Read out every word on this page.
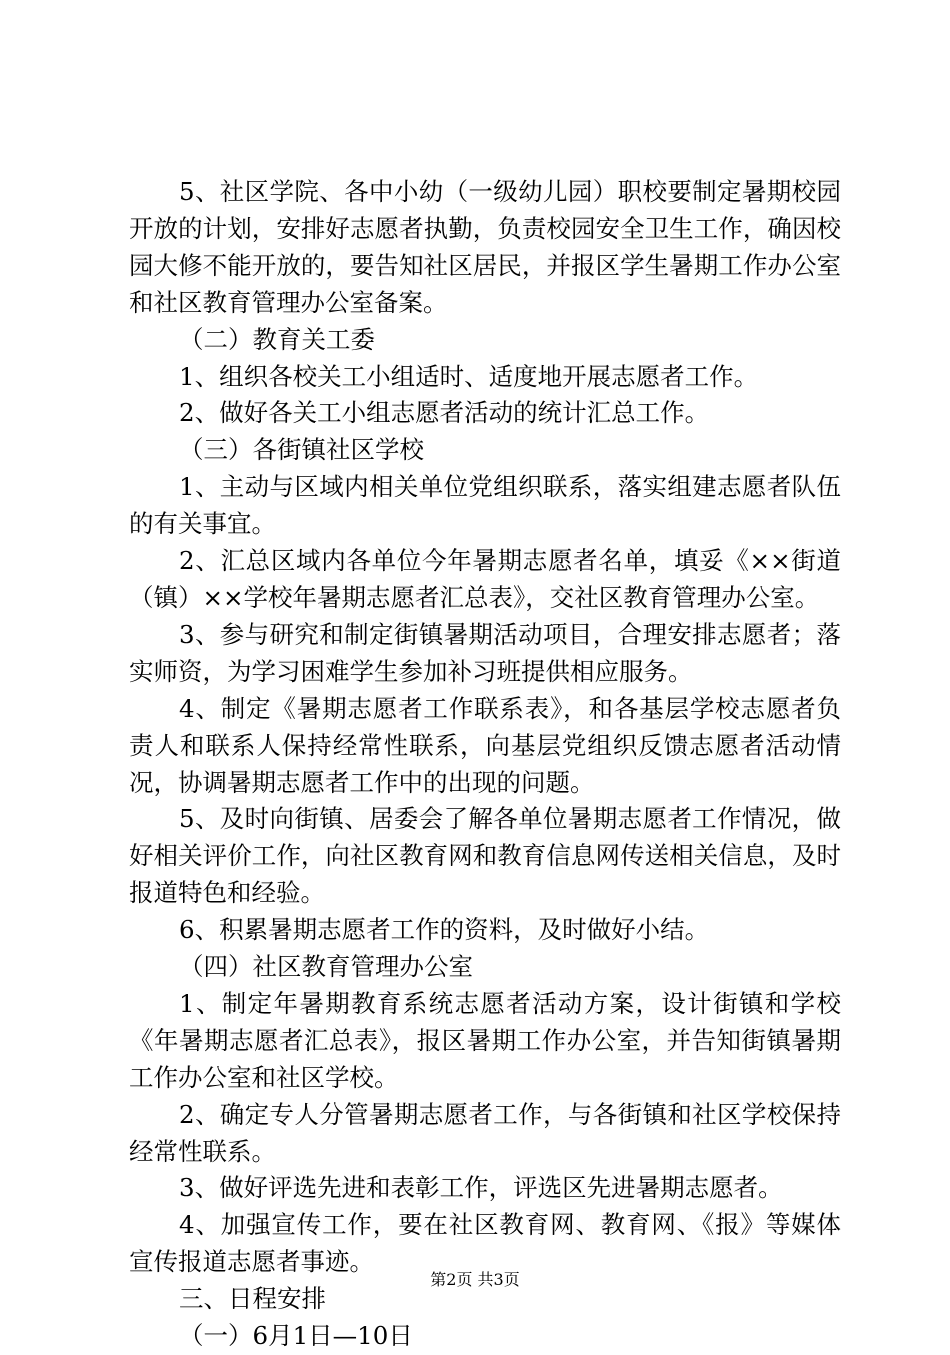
5、社区学院、各中小幼（一级幼儿园）职校要制定暑期校园开放的计划，安排好志愿者执勤，负责校园安全卫生工作，确因校园大修不能开放的，要告知社区居民，并报区学生暑期工作办公室和社区教育管理办公室备案。

（二）教育关工委

1、组织各校关工小组适时、适度地开展志愿者工作。

2、做好各关工小组志愿者活动的统计汇总工作。

（三）各街镇社区学校

1、主动与区域内相关单位党组织联系，落实组建志愿者队伍的有关事宜。

2、汇总区域内各单位今年暑期志愿者名单，填妥《××街道（镇）××学校年暑期志愿者汇总表》，交社区教育管理办公室。

3、参与研究和制定街镇暑期活动项目，合理安排志愿者；落实师资，为学习困难学生参加补习班提供相应服务。

4、制定《暑期志愿者工作联系表》，和各基层学校志愿者负责人和联系人保持经常性联系，向基层党组织反馈志愿者活动情况，协调暑期志愿者工作中的出现的问题。

5、及时向街镇、居委会了解各单位暑期志愿者工作情况，做好相关评价工作，向社区教育网和教育信息网传送相关信息，及时报道特色和经验。

6、积累暑期志愿者工作的资料，及时做好小结。

（四）社区教育管理办公室

1、制定年暑期教育系统志愿者活动方案，设计街镇和学校《年暑期志愿者汇总表》，报区暑期工作办公室，并告知街镇暑期工作办公室和社区学校。

2、确定专人分管暑期志愿者工作，与各街镇和社区学校保持经常性联系。

3、做好评选先进和表彰工作，评选区先进暑期志愿者。

4、加强宣传工作，要在社区教育网、教育网、《报》等媒体宣传报道志愿者事迹。

三、日程安排

（一）6月1日—10日

第2页 共3页
